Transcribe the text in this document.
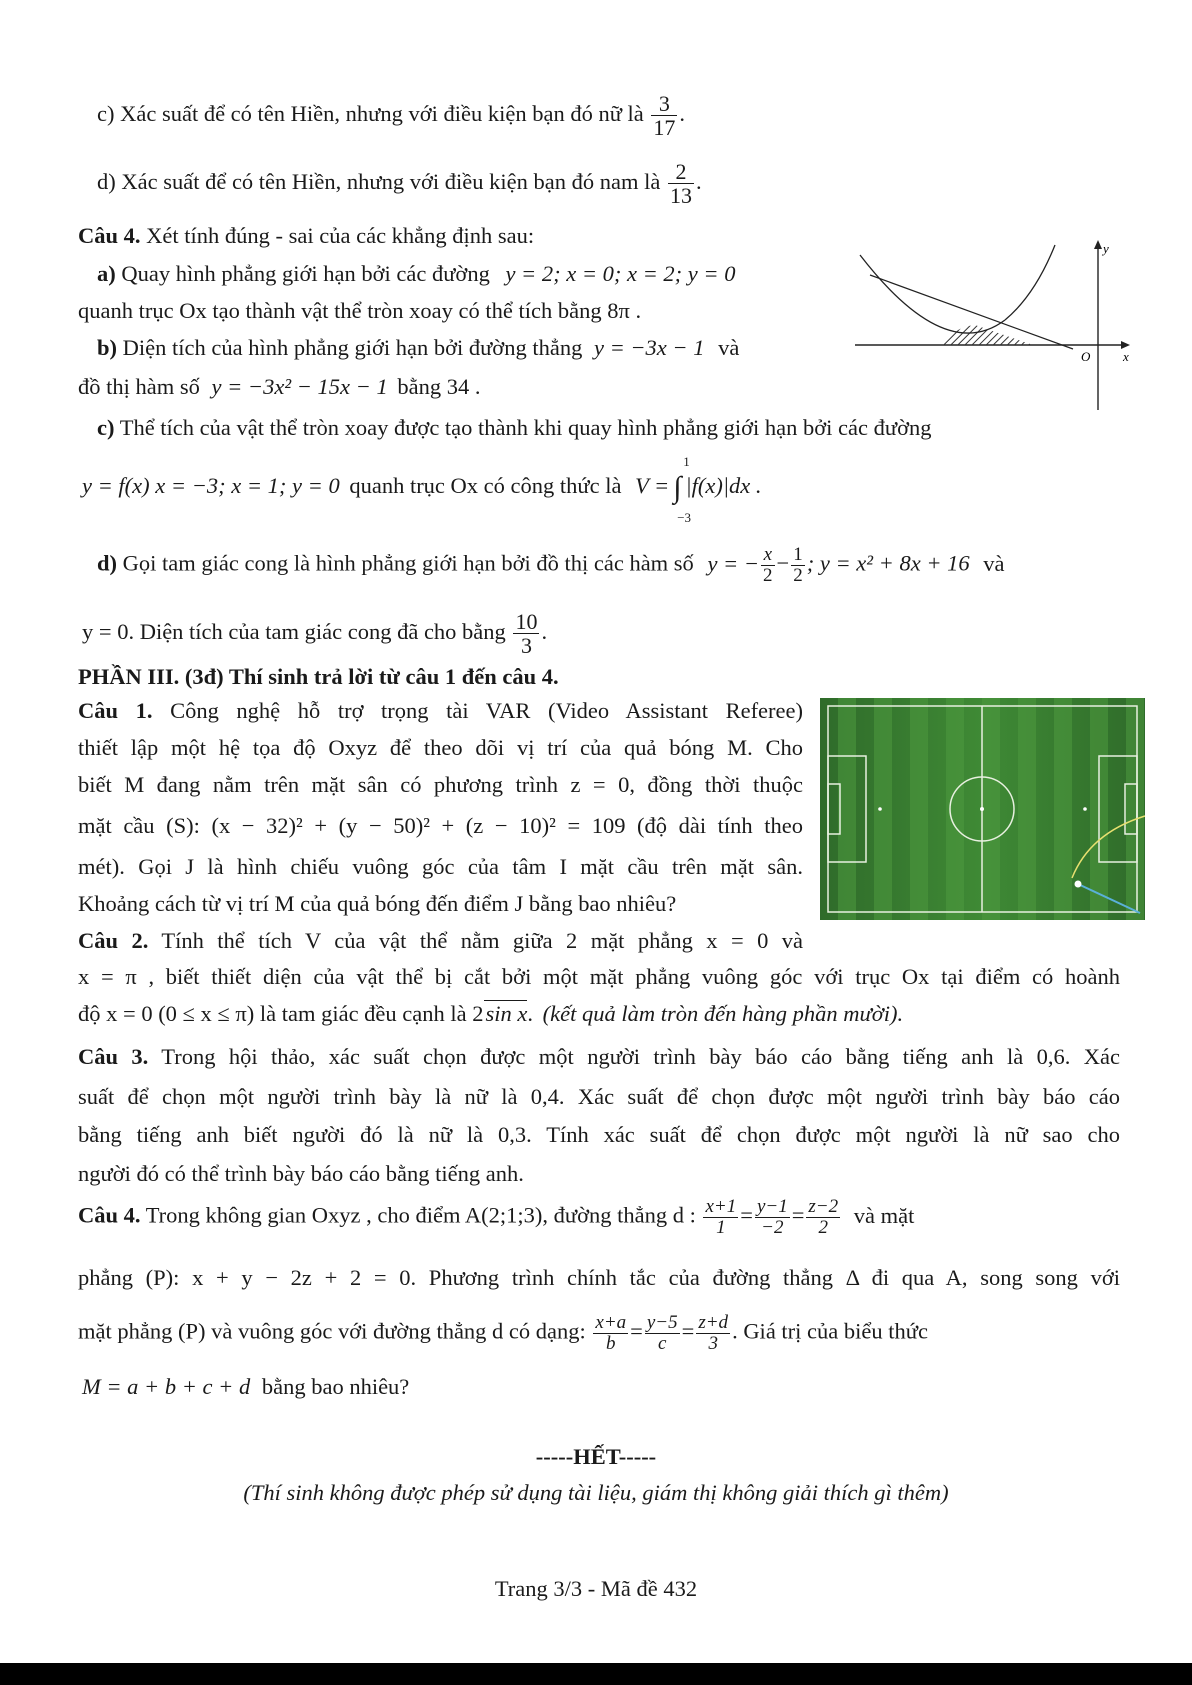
c) Xác suất để có tên Hiền, nhưng với điều kiện bạn đó nữ là $\frac{3}{17}$ .
d) Xác suất để có tên Hiền, nhưng với điều kiện bạn đó nam là $\frac{2}{13}$ .
Câu 4. Xét tính đúng - sai của các khẳng định sau:
a) Quay hình phẳng giới hạn bởi các đường y = 2; x = 0; x = 2; y = 0
quanh trục Ox tạo thành vật thể tròn xoay có thể tích bằng 8π .
b) Diện tích của hình phẳng giới hạn bởi đường thẳng y = −3x − 1 và
đồ thị hàm số y = −3x² − 15x − 1 bằng 34 .
y
x
O
c) Thể tích của vật thể tròn xoay được tạo thành khi quay hình phẳng giới hạn bởi các đường
y = f(x) x = −3; x = 1; y = 0 quanh trục Ox có công thức là V = ∫
1
−3
|f(x)|dx .
d) Gọi tam giác cong là hình phẳng giới hạn bởi đồ thị các hàm số y = − $\frac{x}{2} - \frac{1}{2}$ ; y = x² + 8x + 16 và
y = 0. Diện tích của tam giác cong đã cho bằng $\frac{10}{3}$ .
PHẦN III. (3đ) Thí sinh trả lời từ câu 1 đến câu 4.
Câu 1. Công nghệ hỗ trợ trọng tài VAR (Video Assistant Referee)
thiết lập một hệ tọa độ Oxyz để theo dõi vị trí của quả bóng M. Cho
biết M đang nằm trên mặt sân có phương trình z = 0, đồng thời thuộc
mặt cầu (S): (x − 32)² + (y − 50)² + (z − 10)² = 109 (độ dài tính theo
mét). Gọi J là hình chiếu vuông góc của tâm I mặt cầu trên mặt sân.
Khoảng cách từ vị trí M của quả bóng đến điểm J bằng bao nhiêu?
Câu 2. Tính thể tích V của vật thể nằm giữa 2 mặt phẳng x = 0 và
x = π , biết thiết diện của vật thể bị cắt bởi một mặt phẳng vuông góc với trục Ox tại điểm có hoành
độ x = 0 (0 ≤ x ≤ π) là tam giác đều cạnh là 2sin x. (kết quả làm tròn đến hàng phần mười).
Câu 3. Trong hội thảo, xác suất chọn được một người trình bày báo cáo bằng tiếng anh là 0,6. Xác
suất để chọn một người trình bày là nữ là 0,4. Xác suất để chọn được một người trình bày báo cáo
bằng tiếng anh biết người đó là nữ là 0,3. Tính xác suất để chọn được một người là nữ sao cho
người đó có thể trình bày báo cáo bằng tiếng anh.
Câu 4. Trong không gian Oxyz , cho điểm A(2;1;3), đường thẳng d : $\frac{x+1}{1} = \frac{y-1}{-2} = \frac{z-2}{2}$ và mặt
phẳng (P): x + y − 2z + 2 = 0. Phương trình chính tắc của đường thẳng Δ đi qua A, song song với
mặt phẳng (P) và vuông góc với đường thẳng d có dạng: $\frac{x+a}{b} = \frac{y-5}{c} = \frac{z+d}{3}$ . Giá trị của biểu thức
M = a + b + c + d bằng bao nhiêu?
-----HẾT-----
(Thí sinh không được phép sử dụng tài liệu, giám thị không giải thích gì thêm)
Trang 3/3 - Mã đề 432
